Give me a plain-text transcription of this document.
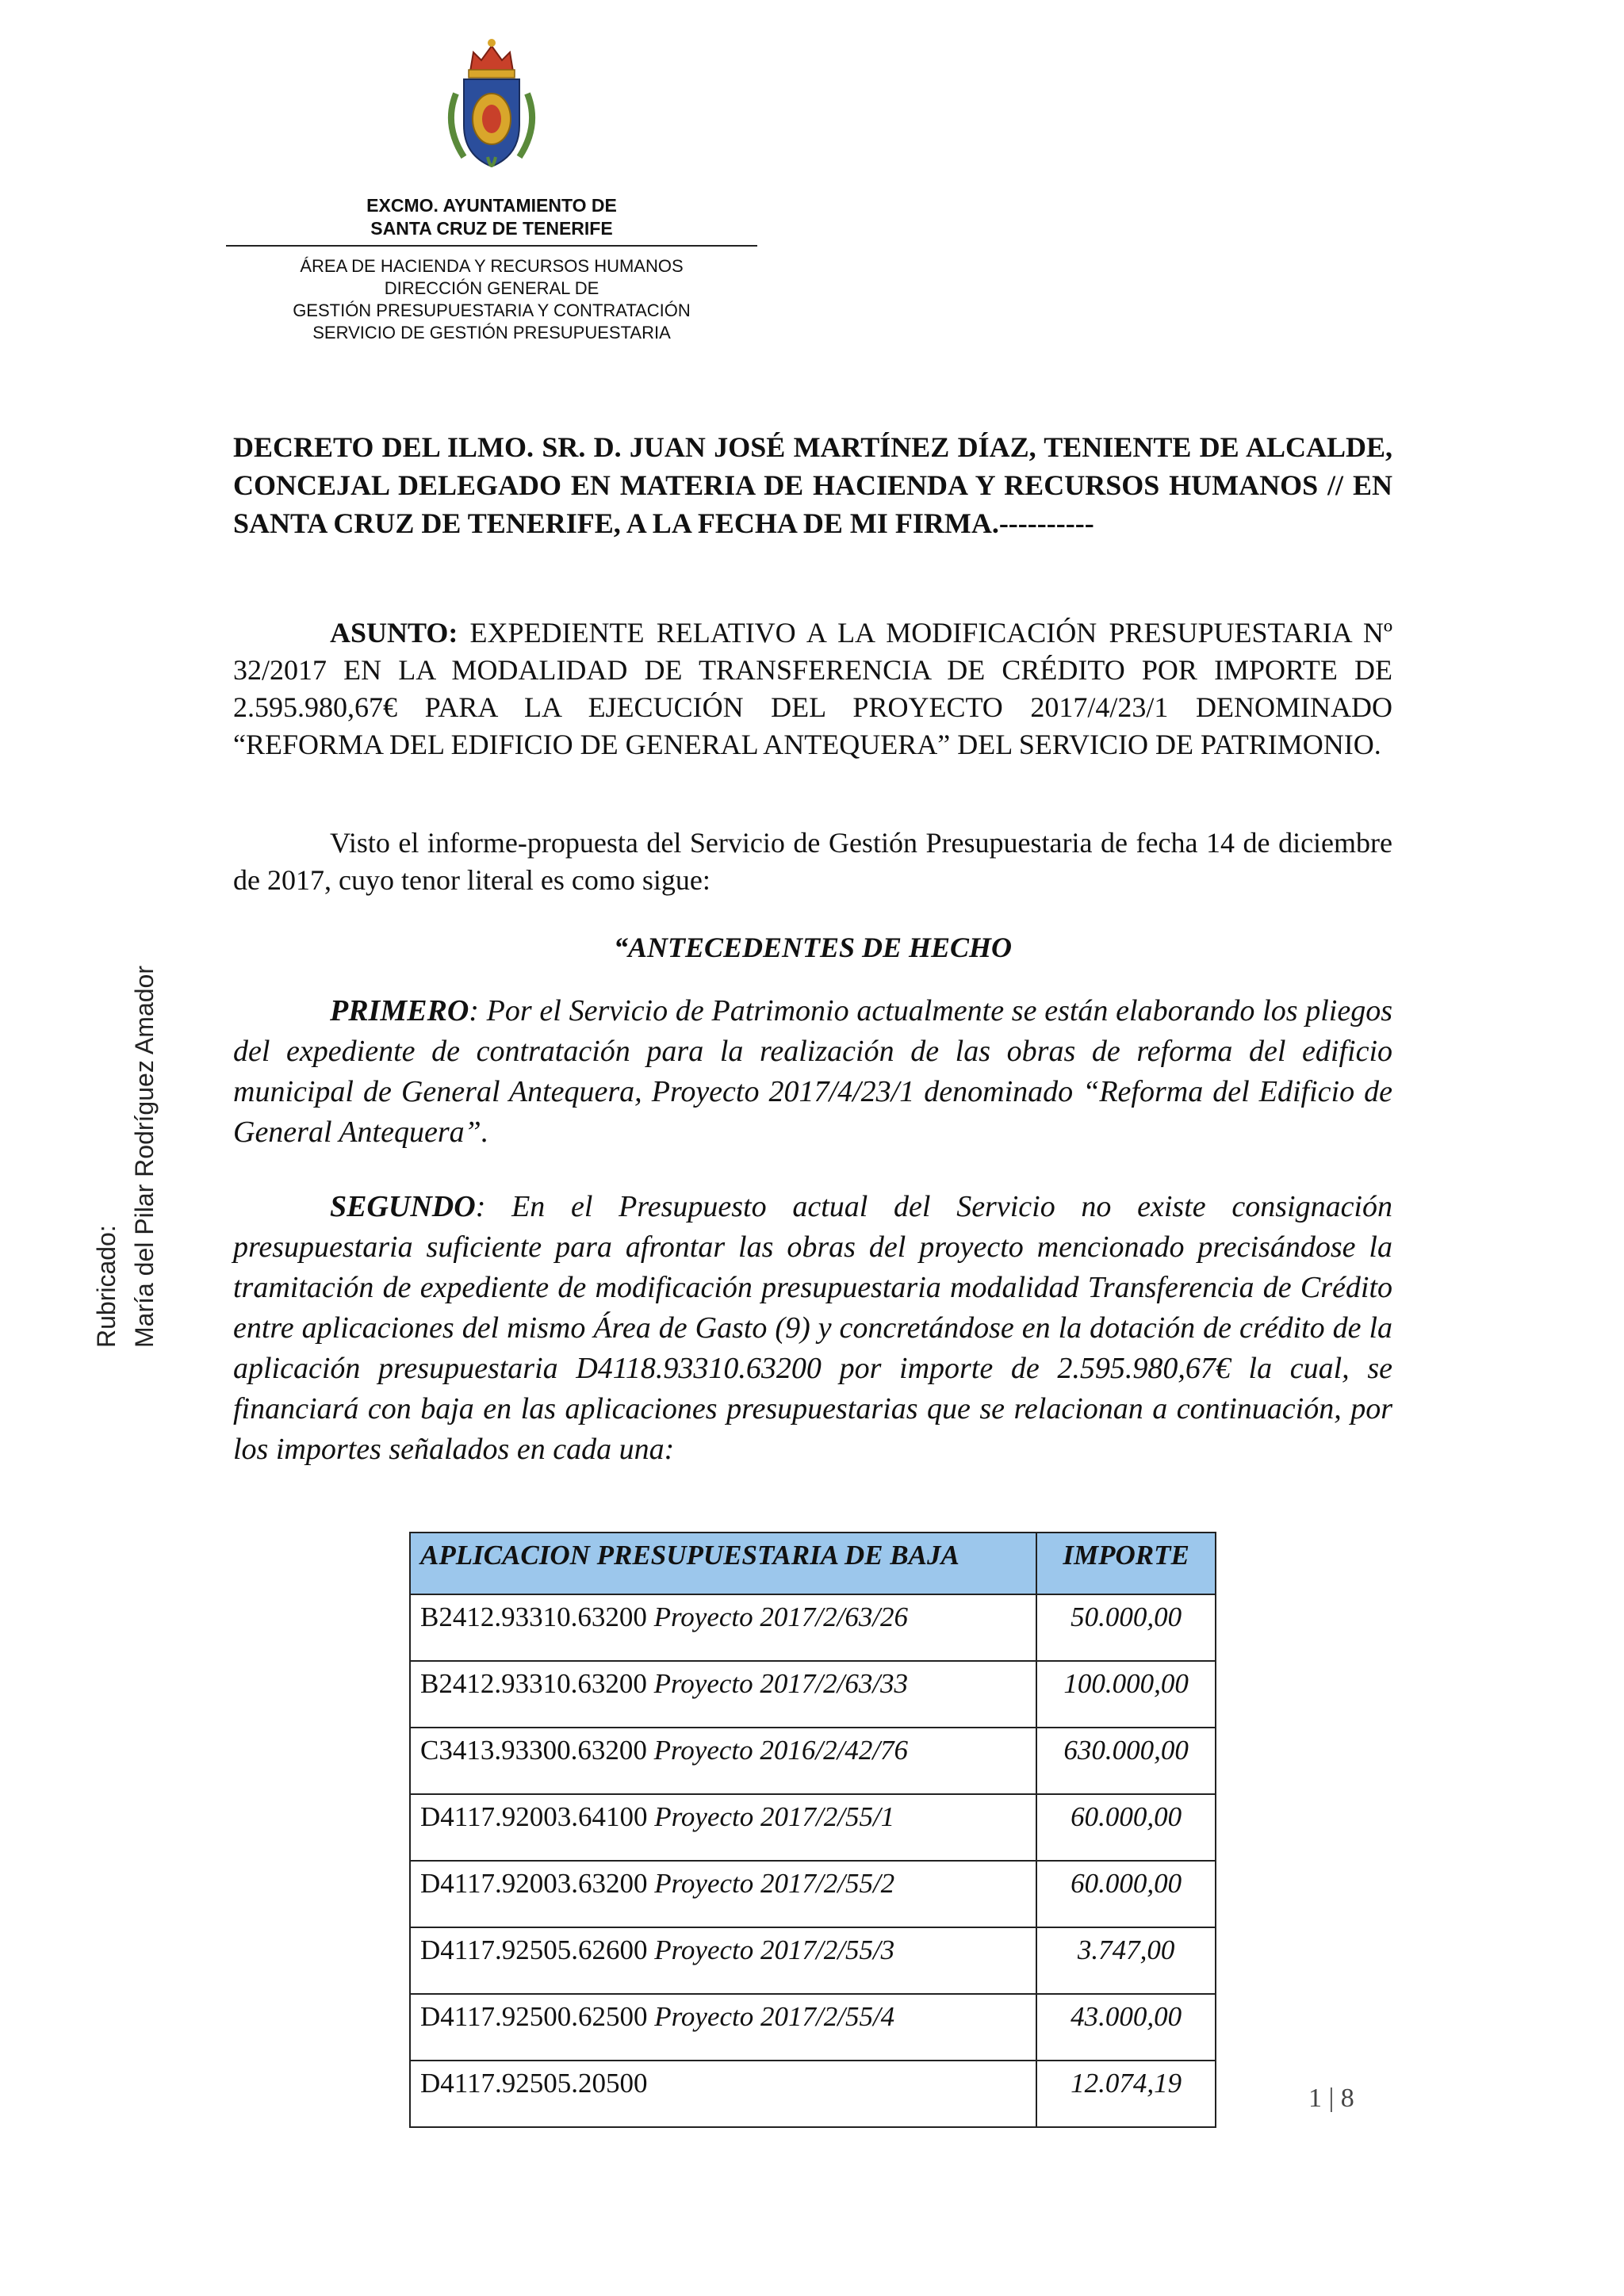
EXCMO. AYUNTAMIENTO DE
SANTA CRUZ DE TENERIFE
ÁREA DE HACIENDA Y RECURSOS HUMANOS
DIRECCIÓN GENERAL DE
GESTIÓN PRESUPUESTARIA Y CONTRATACIÓN
SERVICIO DE GESTIÓN PRESUPUESTARIA
DECRETO DEL ILMO. SR. D. JUAN JOSÉ MARTÍNEZ DÍAZ, TENIENTE DE ALCALDE, CONCEJAL DELEGADO EN MATERIA DE HACIENDA Y RECURSOS HUMANOS // EN SANTA CRUZ DE TENERIFE, A LA FECHA DE MI FIRMA.----------
ASUNTO: EXPEDIENTE RELATIVO A LA MODIFICACIÓN PRESUPUESTARIA Nº 32/2017 EN LA MODALIDAD DE TRANSFERENCIA DE CRÉDITO POR IMPORTE DE 2.595.980,67€ PARA LA EJECUCIÓN DEL PROYECTO 2017/4/23/1 DENOMINADO “REFORMA DEL EDIFICIO DE GENERAL ANTEQUERA” DEL SERVICIO DE PATRIMONIO.
Visto el informe-propuesta del Servicio de Gestión Presupuestaria de fecha 14 de diciembre de 2017, cuyo tenor literal es como sigue:
“ANTECEDENTES DE HECHO
PRIMERO: Por el Servicio de Patrimonio actualmente se están elaborando los pliegos del expediente de contratación para la realización de las obras de reforma del edificio municipal de General Antequera, Proyecto 2017/4/23/1 denominado “Reforma del Edificio de General Antequera”.
SEGUNDO: En el Presupuesto actual del Servicio no existe consignación presupuestaria suficiente para afrontar las obras del proyecto mencionado precisándose la tramitación de expediente de modificación presupuestaria modalidad Transferencia de Crédito entre aplicaciones del mismo Área de Gasto (9) y concretándose en la dotación de crédito de la aplicación presupuestaria D4118.93310.63200 por importe de 2.595.980,67€ la cual, se financiará con baja en las aplicaciones presupuestarias que se relacionan a continuación, por los importes señalados en cada una:
APLICACION PRESUPUESTARIA DE BAJA	IMPORTE
B2412.93310.63200 Proyecto 2017/2/63/26	50.000,00
B2412.93310.63200 Proyecto 2017/2/63/33	100.000,00
C3413.93300.63200 Proyecto 2016/2/42/76	630.000,00
D4117.92003.64100 Proyecto 2017/2/55/1	60.000,00
D4117.92003.63200 Proyecto 2017/2/55/2	60.000,00
D4117.92505.62600 Proyecto 2017/2/55/3	3.747,00
D4117.92500.62500 Proyecto 2017/2/55/4	43.000,00
D4117.92505.20500	12.074,19	1 | 8
Rubricado: María del Pilar Rodríguez Amador
